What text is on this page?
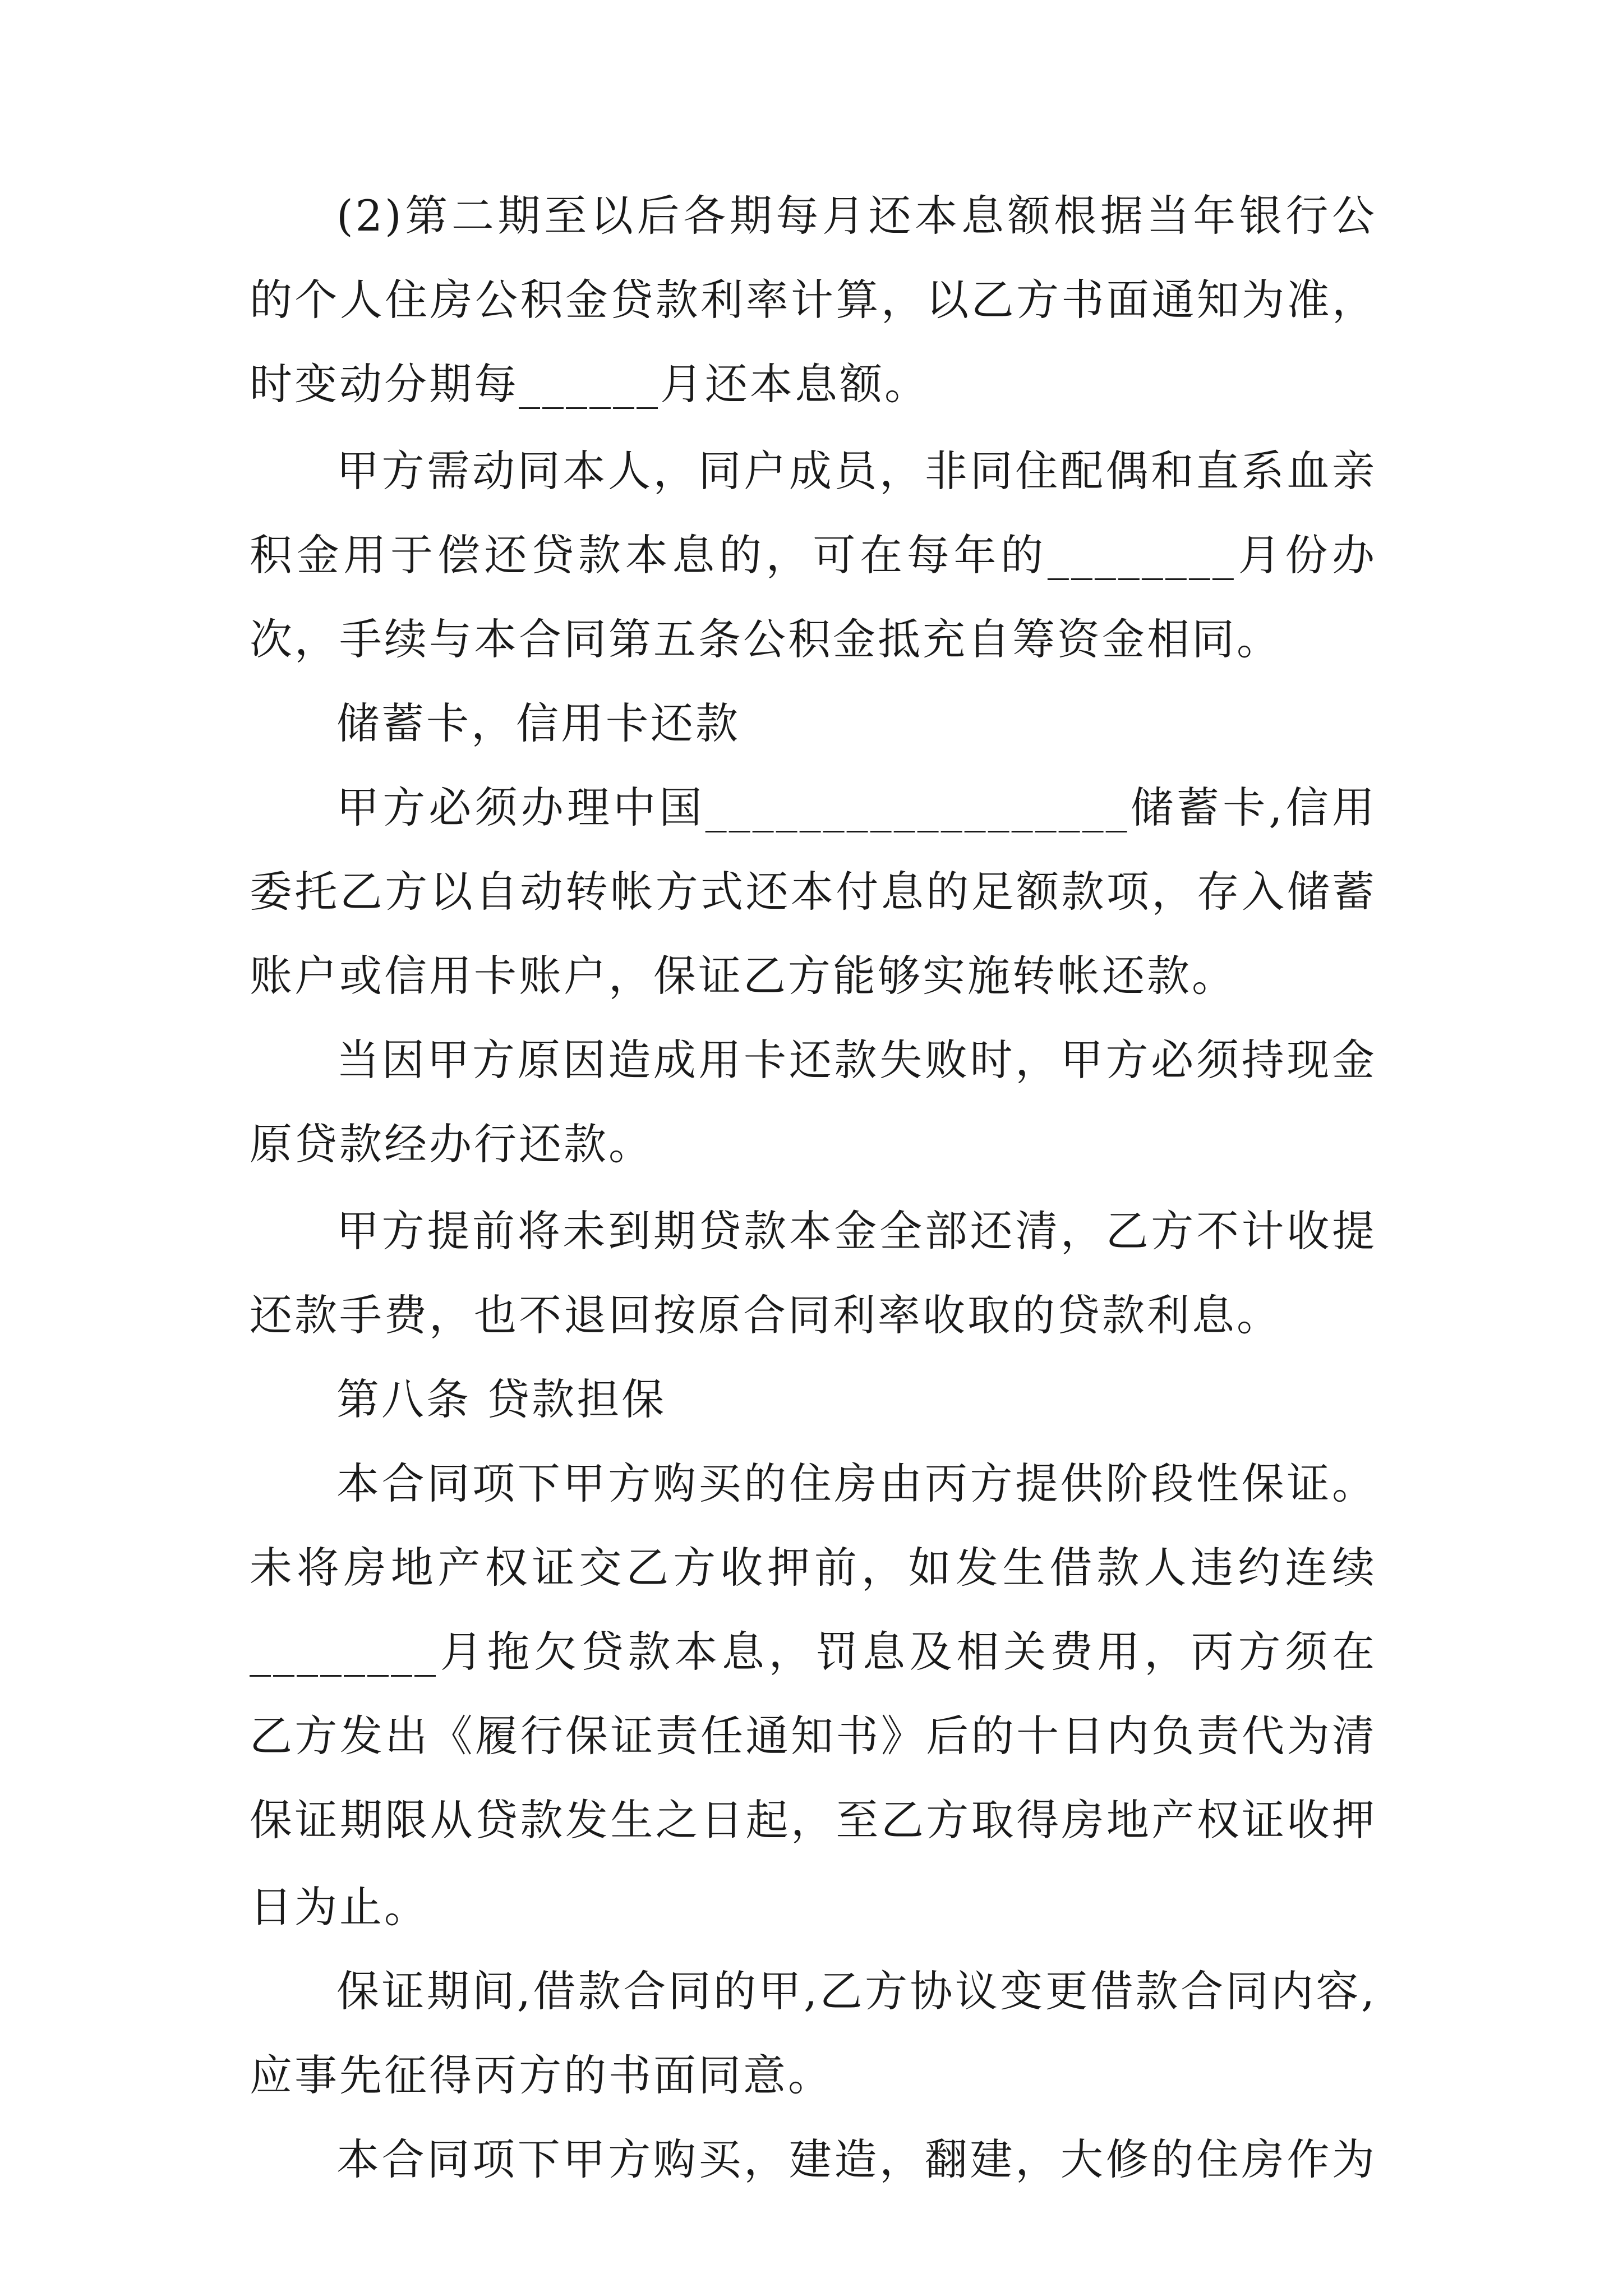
(2)第二期至以后各期每月还本息额根据当年银行公
的个人住房公积金贷款利率计算，以乙方书面通知为准，
时变动分期每______月还本息额。
甲方需动同本人，同户成员，非同住配偶和直系血亲
积金用于偿还贷款本息的，可在每年的________月份办
次，手续与本合同第五条公积金抵充自筹资金相同。
储蓄卡，信用卡还款
甲方必须办理中国__________________储蓄卡,信用
委托乙方以自动转帐方式还本付息的足额款项，存入储蓄
账户或信用卡账户，保证乙方能够实施转帐还款。
当因甲方原因造成用卡还款失败时，甲方必须持现金
原贷款经办行还款。
甲方提前将未到期贷款本金全部还清，乙方不计收提
还款手费，也不退回按原合同利率收取的贷款利息。
第八条 贷款担保
本合同项下甲方购买的住房由丙方提供阶段性保证。
未将房地产权证交乙方收押前，如发生借款人违约连续
________月拖欠贷款本息，罚息及相关费用，丙方须在
乙方发出《履行保证责任通知书》后的十日内负责代为清
保证期限从贷款发生之日起，至乙方取得房地产权证收押
日为止。
保证期间,借款合同的甲,乙方协议变更借款合同内容,
应事先征得丙方的书面同意。
本合同项下甲方购买，建造，翻建，大修的住房作为
